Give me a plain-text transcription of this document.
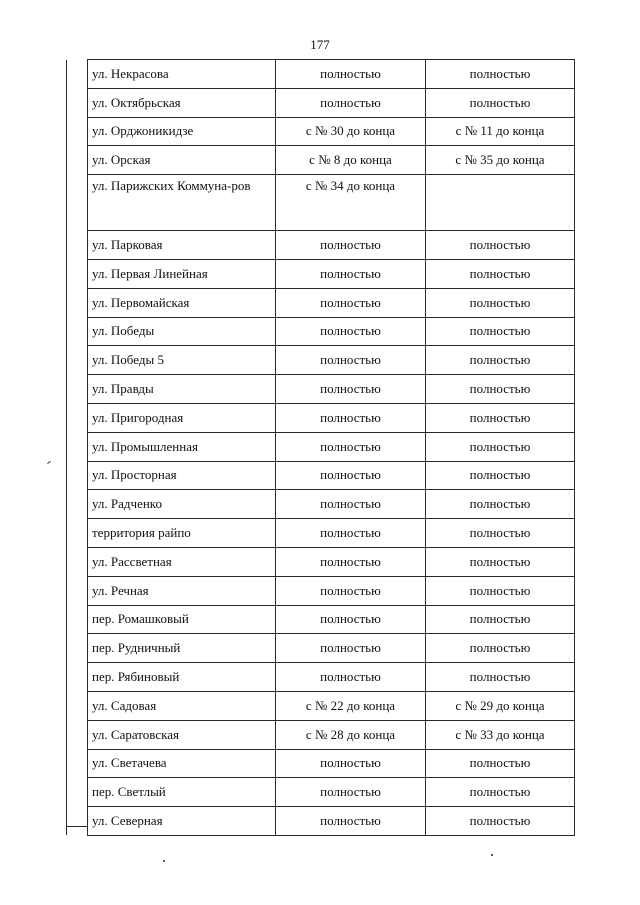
177
	ул. Некрасова	полностью	полностью
	ул. Октябрьская	полностью	полностью
	ул. Орджоникидзе	с № 30 до конца	с № 11 до конца
	ул. Орская	с № 8 до конца	с № 35 до конца
	ул. Парижских Коммуна-ров	с № 34 до конца	
	ул. Парковая	полностью	полностью
	ул. Первая Линейная	полностью	полностью
	ул. Первомайская	полностью	полностью
	ул. Победы	полностью	полностью
	ул. Победы 5	полностью	полностью
	ул. Правды	полностью	полностью
	ул. Пригородная	полностью	полностью
	ул. Промышленная	полностью	полностью
	ул. Просторная	полностью	полностью
	ул. Радченко	полностью	полностью
	территория райпо	полностью	полностью
	ул. Рассветная	полностью	полностью
	ул. Речная	полностью	полностью
	пер. Ромашковый	полностью	полностью
	пер. Рудничный	полностью	полностью
	пер. Рябиновый	полностью	полностью
	ул. Садовая	с № 22 до конца	с № 29 до конца
	ул. Саратовская	с № 28 до конца	с № 33 до конца
	ул. Светачева	полностью	полностью
	пер. Светлый	полностью	полностью
	ул. Северная	полностью	полностью
